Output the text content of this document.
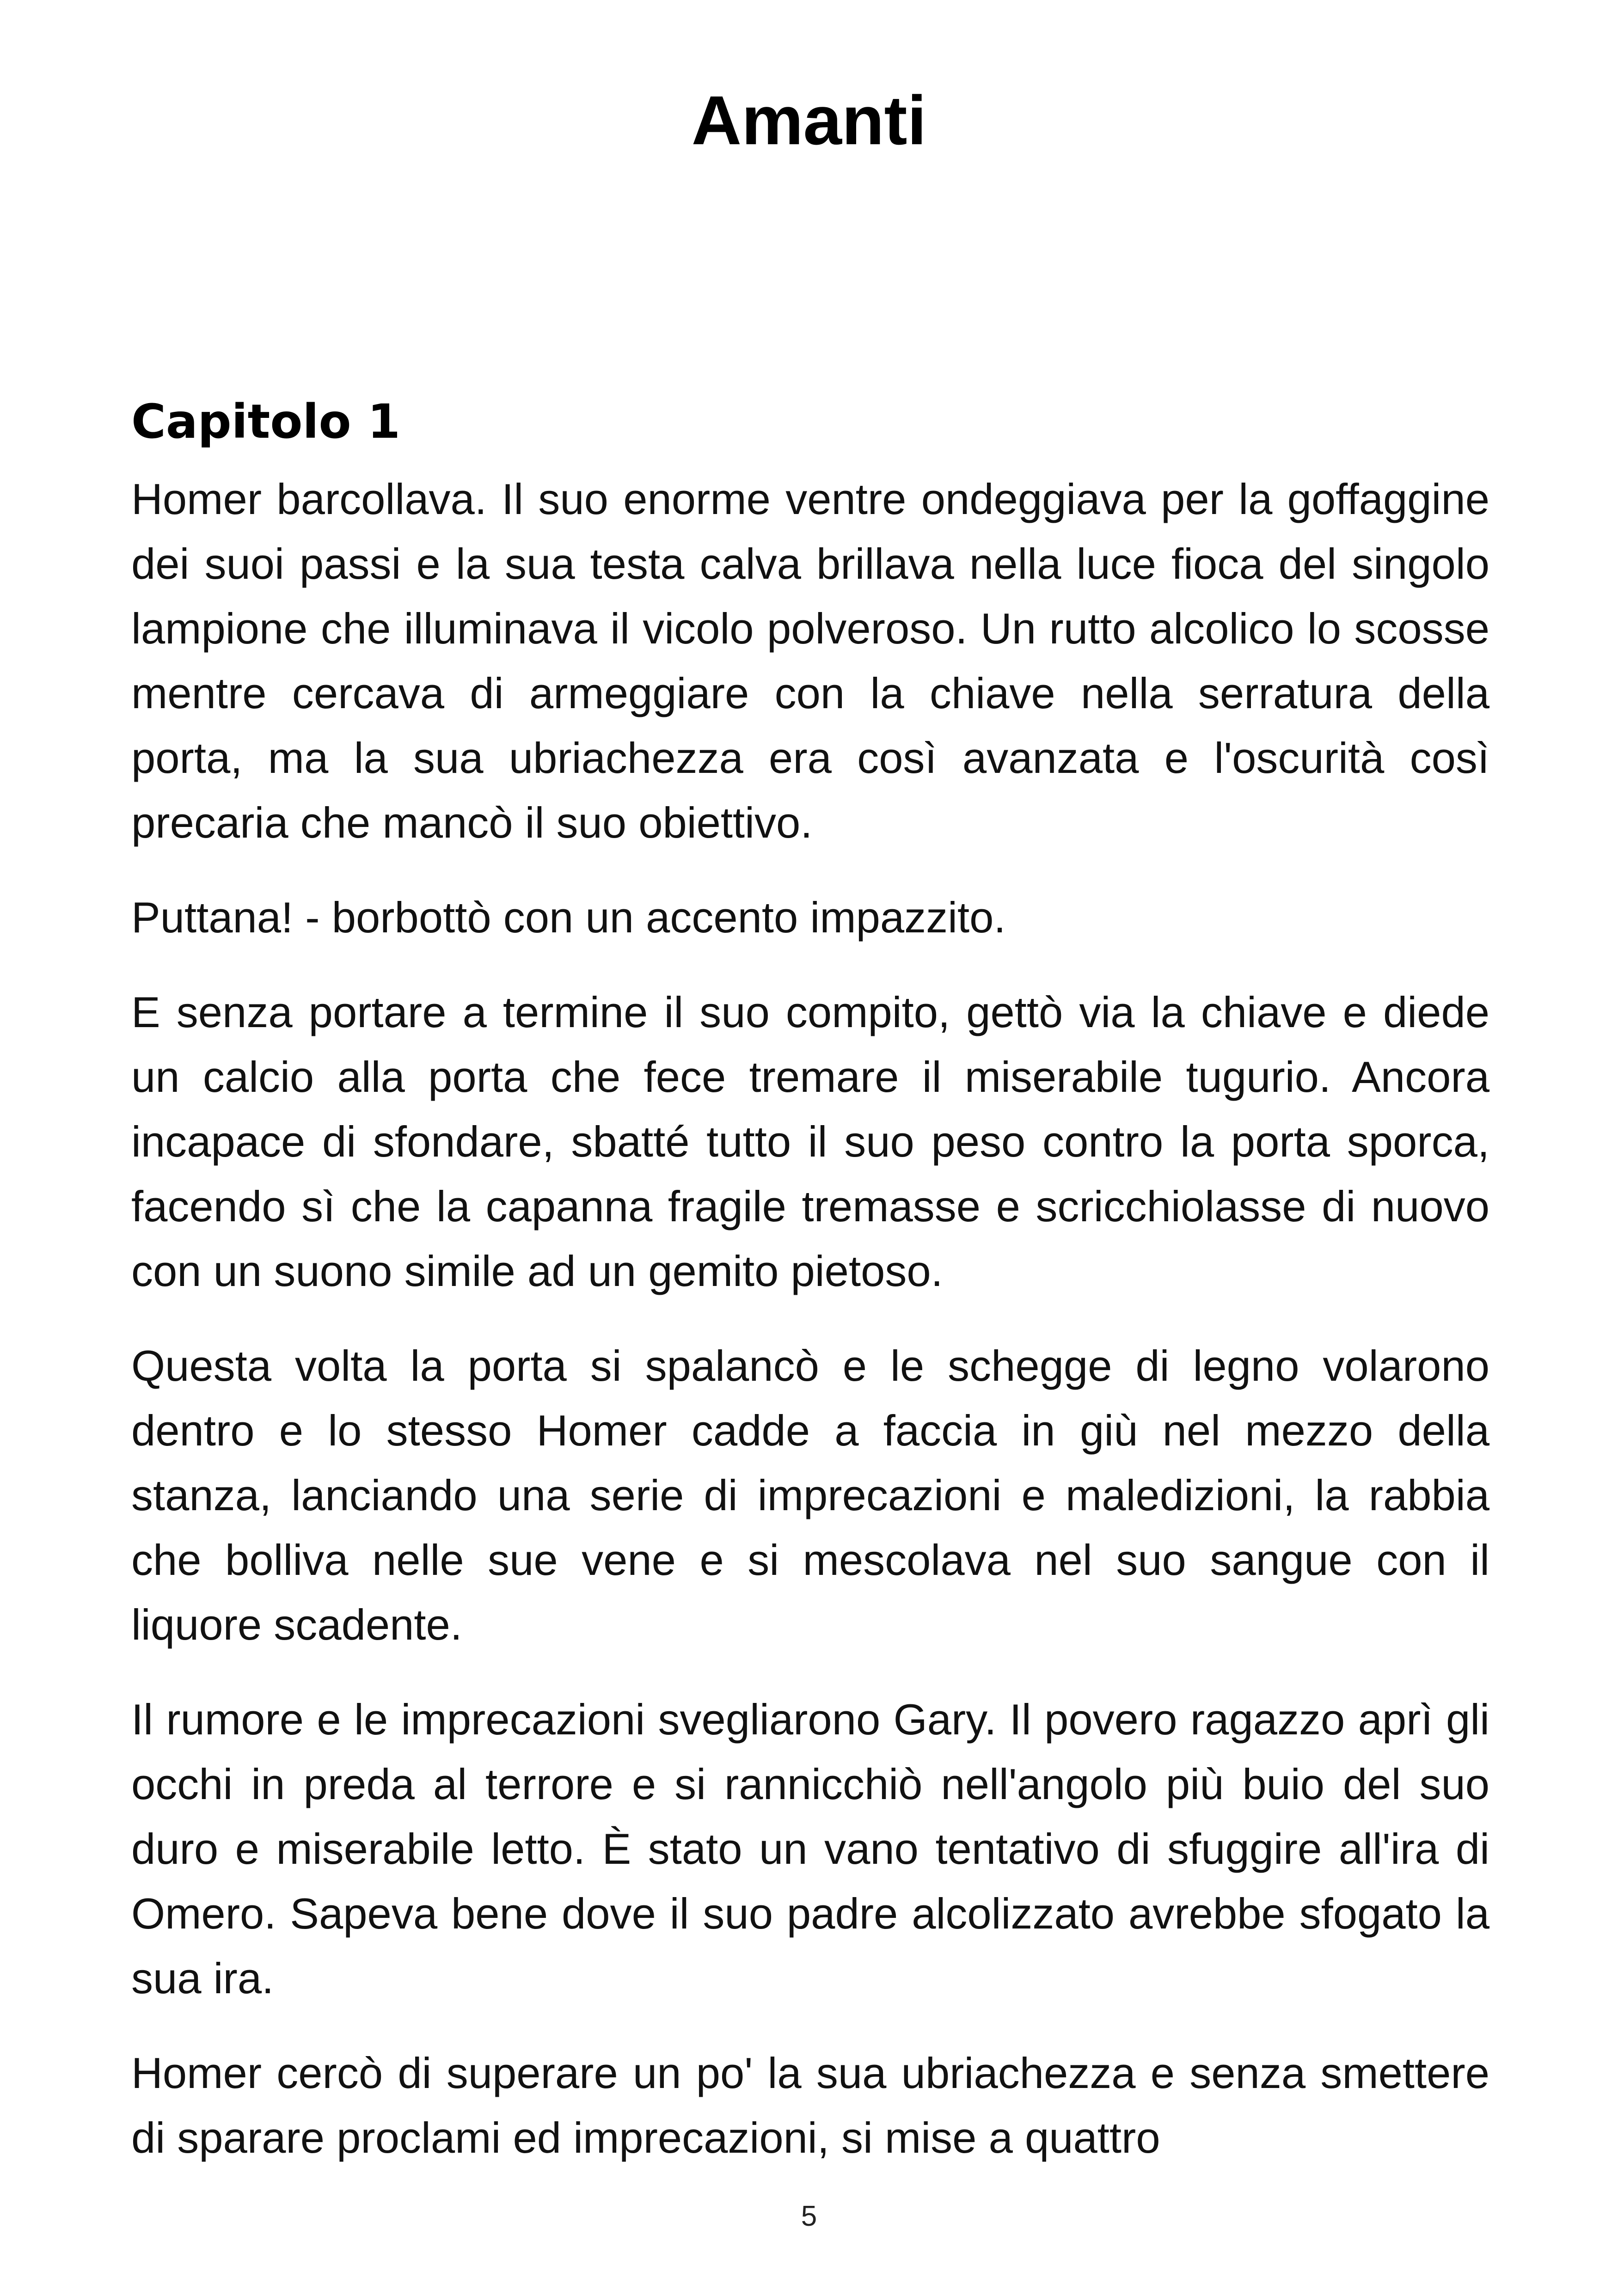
Amanti
Capitolo 1

Homer barcollava. Il suo enorme ventre ondeggiava per la goffaggine dei suoi passi e la sua testa calva brillava nella luce fioca del singolo lampione che illuminava il vicolo polveroso. Un rutto alcolico lo scosse mentre cercava di armeggiare con la chiave nella serratura della porta, ma la sua ubriachezza era così avanzata e l'oscurità così precaria che mancò il suo obiettivo.

Puttana! - borbottò con un accento impazzito.

E senza portare a termine il suo compito, gettò via la chiave e diede un calcio alla porta che fece tremare il miserabile tugurio. Ancora incapace di sfondare, sbatté tutto il suo peso contro la porta sporca, facendo sì che la capanna fragile tremasse e scricchiolasse di nuovo con un suono simile ad un gemito pietoso.

Questa volta la porta si spalancò e le schegge di legno volarono dentro e lo stesso Homer cadde a faccia in giù nel mezzo della stanza, lanciando una serie di imprecazioni e maledizioni, la rabbia che bolliva nelle sue vene e si mescolava nel suo sangue con il liquore scadente.

Il rumore e le imprecazioni svegliarono Gary. Il povero ragazzo aprì gli occhi in preda al terrore e si rannicchiò nell'angolo più buio del suo duro e miserabile letto. È stato un vano tentativo di sfuggire all'ira di Omero. Sapeva bene dove il suo padre alcolizzato avrebbe sfogato la sua ira.

Homer cercò di superare un po' la sua ubriachezza e senza smettere di sparare proclami ed imprecazioni, si mise a quattro

5
